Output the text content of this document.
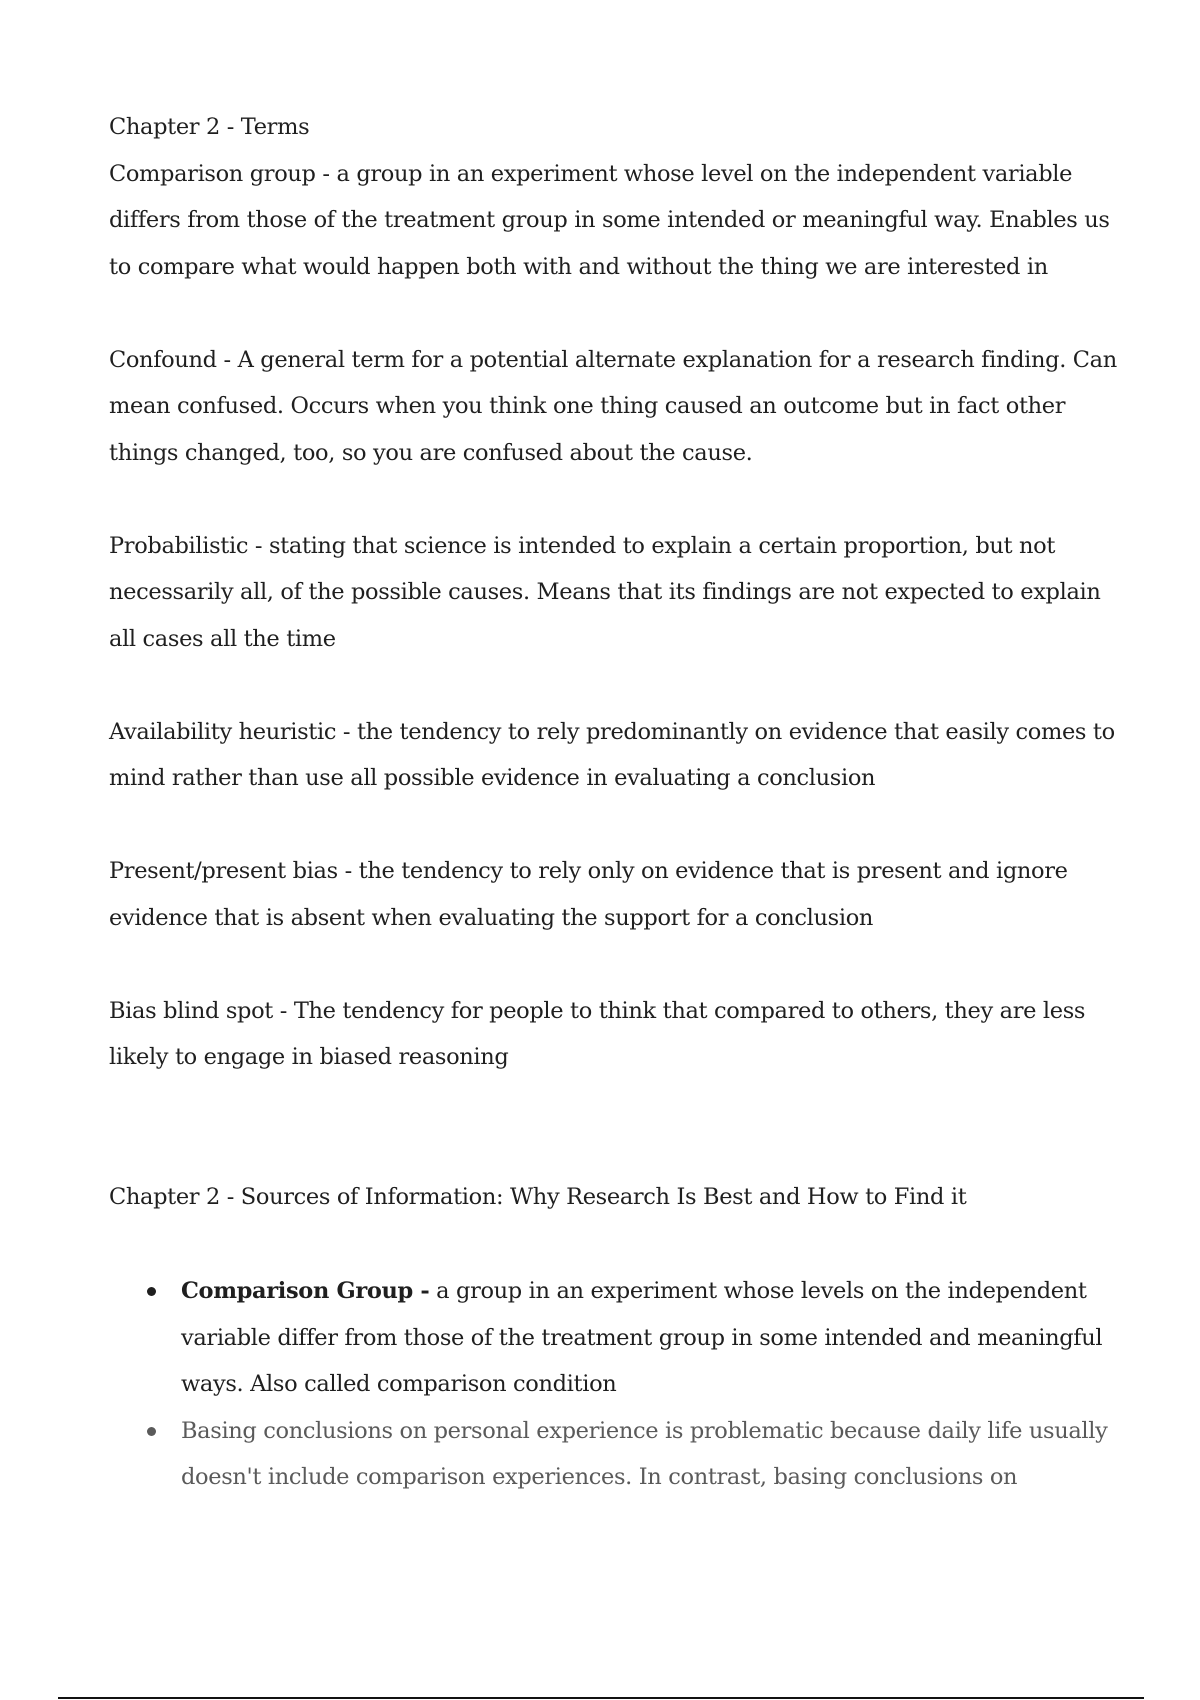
Chapter 2 - Terms

Comparison group - a group in an experiment whose level on the independent variable differs from those of the treatment group in some intended or meaningful way. Enables us to compare what would happen both with and without the thing we are interested in

Confound - A general term for a potential alternate explanation for a research finding. Can mean confused. Occurs when you think one thing caused an outcome but in fact other things changed, too, so you are confused about the cause.

Probabilistic - stating that science is intended to explain a certain proportion, but not necessarily all, of the possible causes. Means that its findings are not expected to explain all cases all the time

Availability heuristic - the tendency to rely predominantly on evidence that easily comes to mind rather than use all possible evidence in evaluating a conclusion

Present/present bias - the tendency to rely only on evidence that is present and ignore evidence that is absent when evaluating the support for a conclusion

Bias blind spot - The tendency for people to think that compared to others, they are less likely to engage in biased reasoning

Chapter 2 - Sources of Information: Why Research Is Best and How to Find it

Comparison Group - a group in an experiment whose levels on the independent variable differ from those of the treatment group in some intended and meaningful ways. Also called comparison condition
Basing conclusions on personal experience is problematic because daily life usually doesn't include comparison experiences. In contrast, basing conclusions on
